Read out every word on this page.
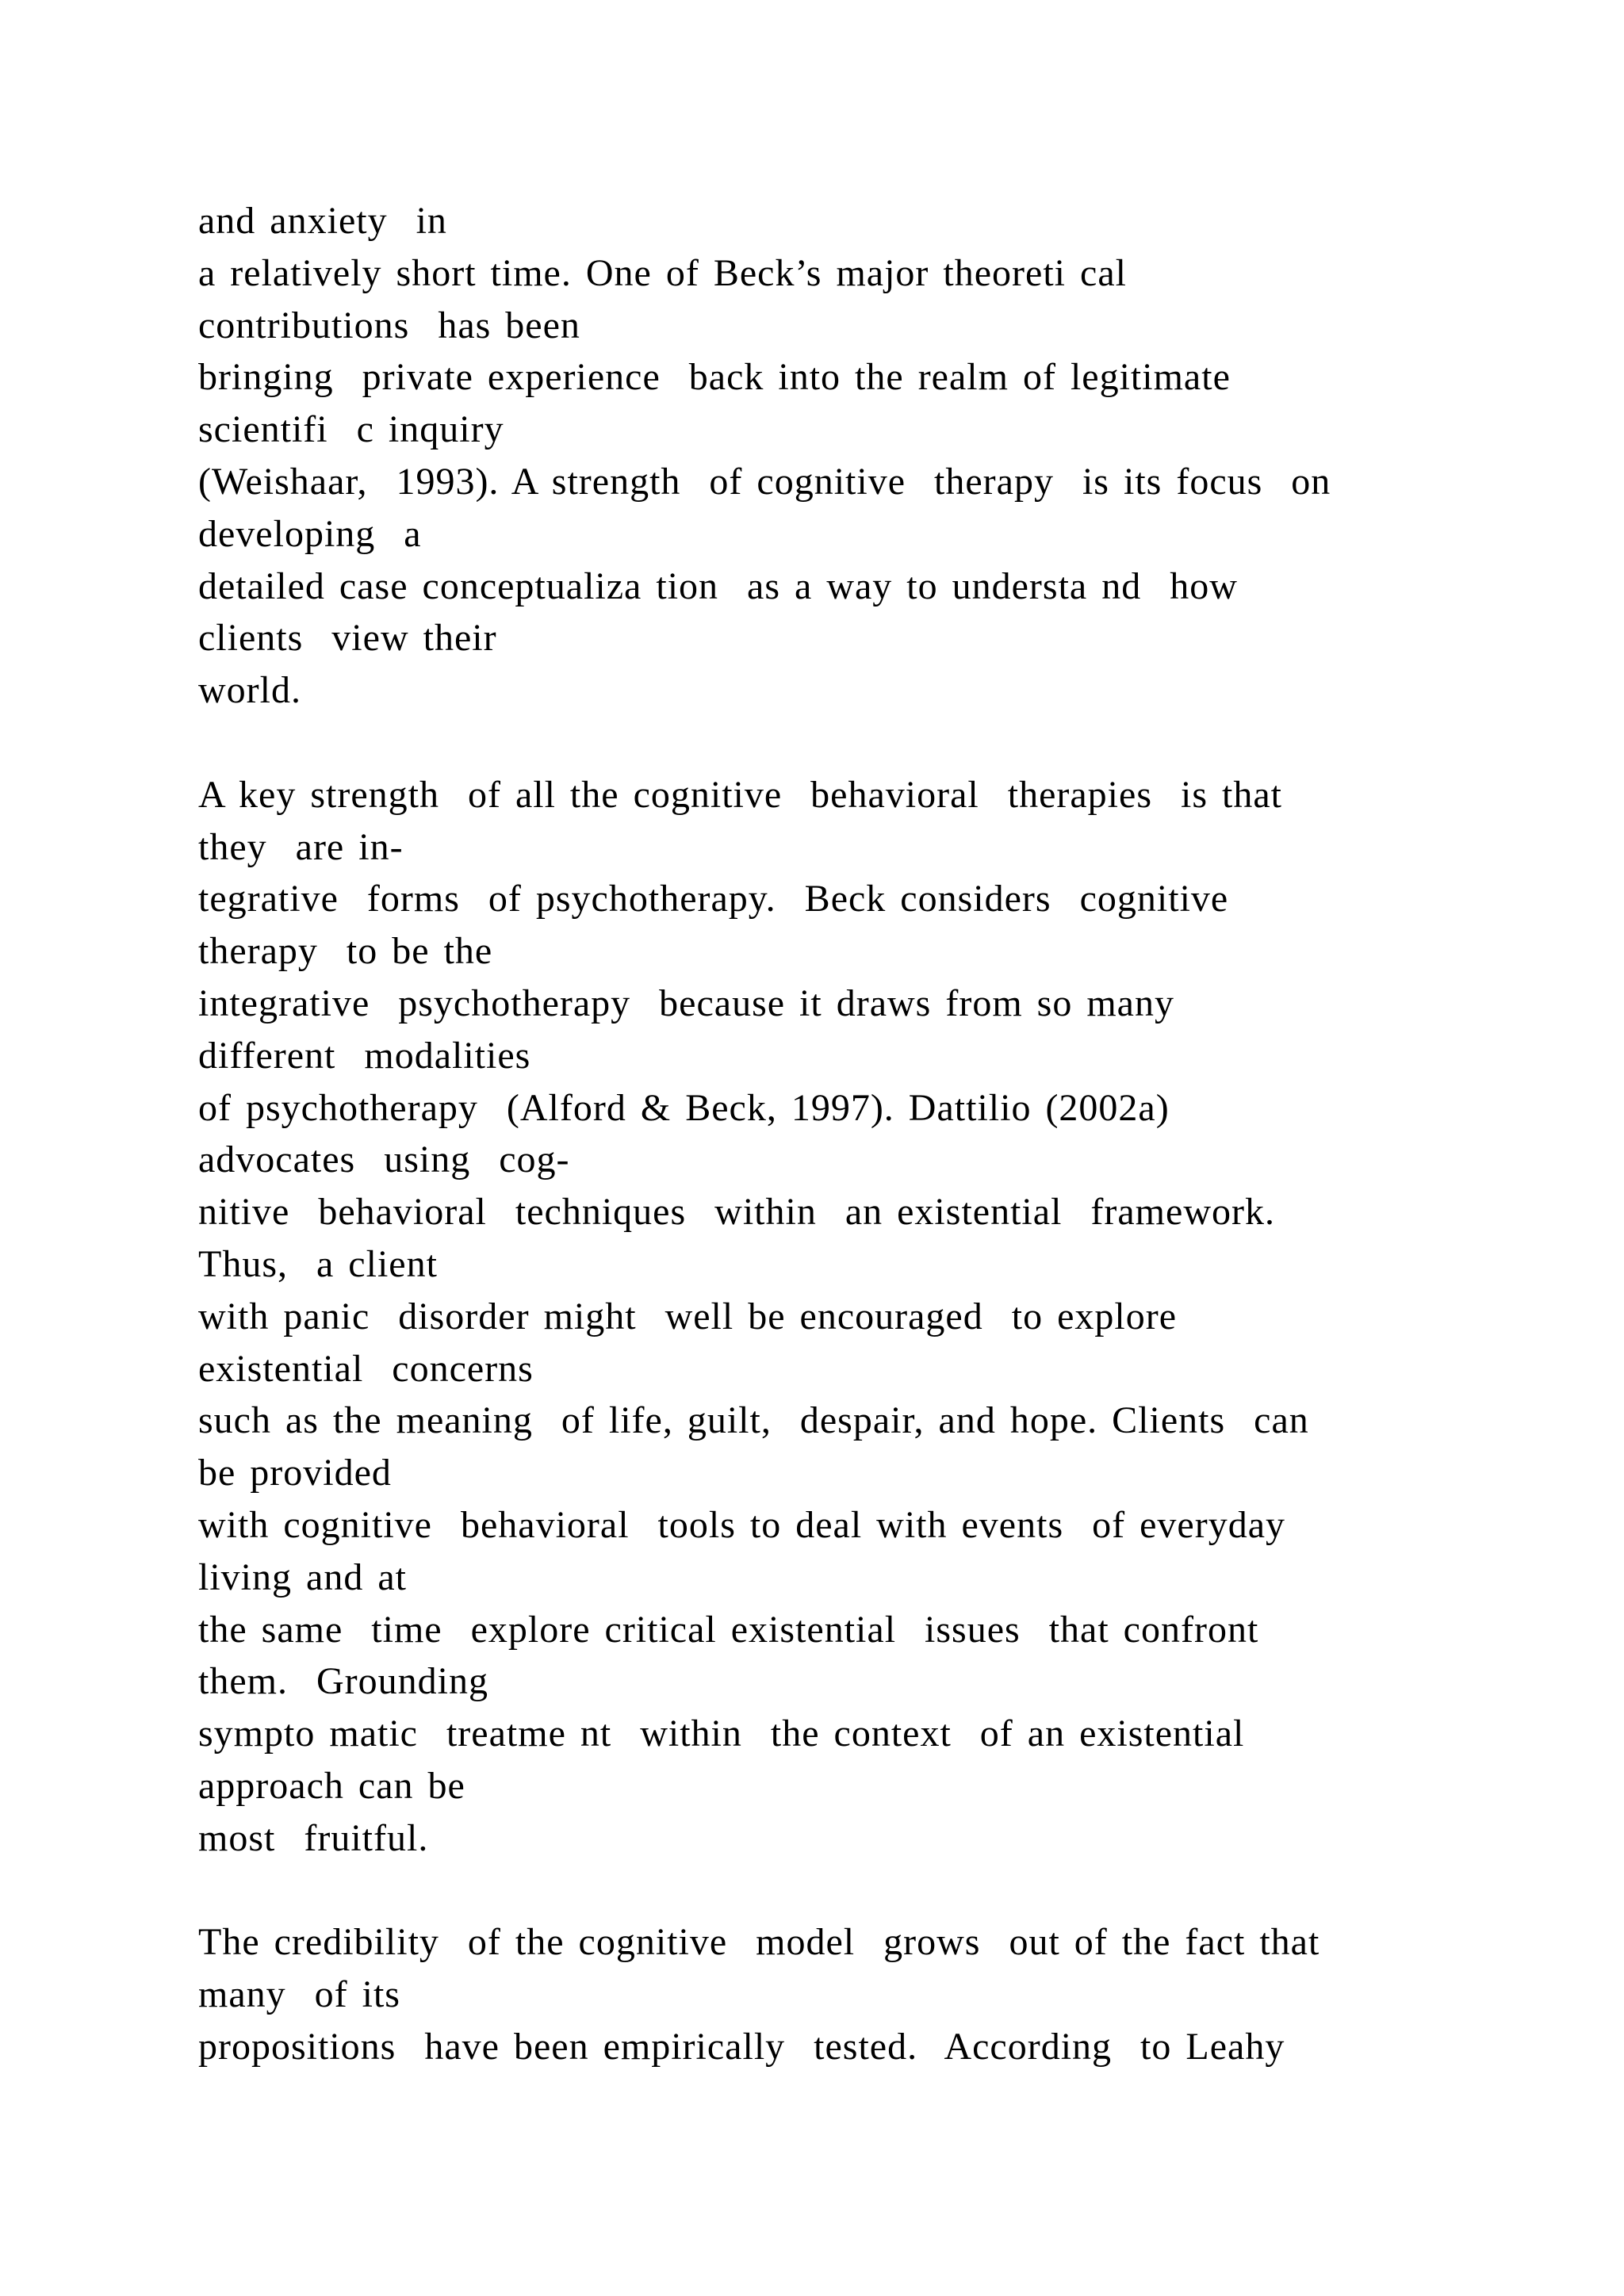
and anxiety  in
a relatively short time. One of Beck’s major theoreti cal
contributions  has been
bringing  private experience  back into the realm of legitimate
scientifi  c inquiry
(Weishaar,  1993). A strength  of cognitive  therapy  is its focus  on
developing  a
detailed case conceptualiza tion  as a way to understa nd  how
clients  view their
world.
A key strength  of all the cognitive  behavioral  therapies  is that
they  are in-
tegrative  forms  of psychotherapy.  Beck considers  cognitive
therapy  to be the
integrative  psychotherapy  because it draws from so many
different  modalities
of psychotherapy  (Alford & Beck, 1997). Dattilio (2002a)
advocates  using  cog-
nitive  behavioral  techniques  within  an existential  framework.
Thus,  a client
with panic  disorder might  well be encouraged  to explore
existential  concerns
such as the meaning  of life, guilt,  despair, and hope. Clients  can
be provided
with cognitive  behavioral  tools to deal with events  of everyday
living and at
the same  time  explore critical existential  issues  that confront
them.  Grounding
sympto matic  treatme nt  within  the context  of an existential
approach can be
most  fruitful.
The credibility  of the cognitive  model  grows  out of the fact that
many  of its
propositions  have been empirically  tested.  According  to Leahy
